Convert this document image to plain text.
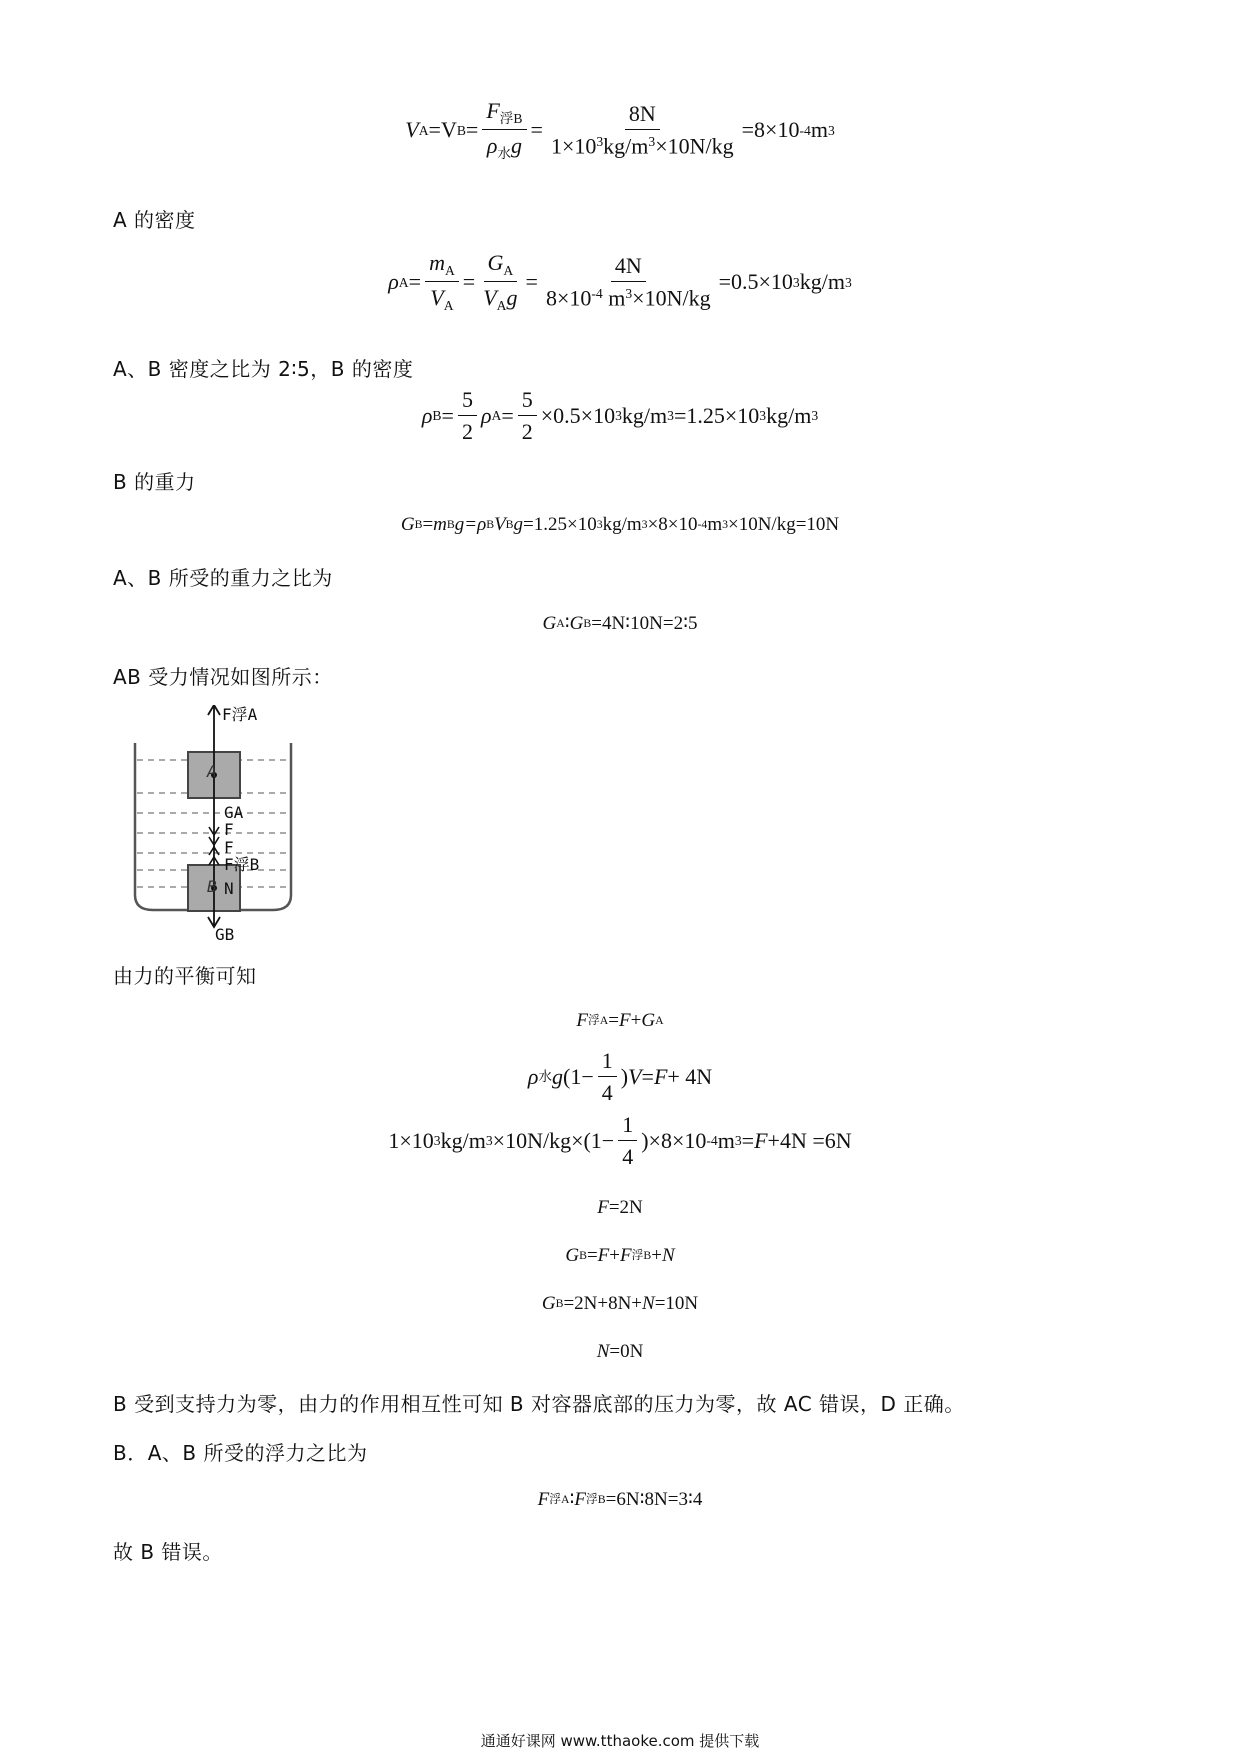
V A =V $B = \frac{F_{浮B}}{\rho_水g} = \frac{8N}{1\times 10^3kg/m^3\times 10N/kg} =8\times 10$ -4 m 3
A 的密度
ρ $A = \frac{m_A}{V_A} = \frac{G_A}{V_Ag} = \frac{4N}{8\times 10^{-4} m^3\times 10N/kg} =0.5\times 10$ 3 kg/m 3
A、B 密度之比为 2∶5，B 的密度
ρ $B = \frac{5}{2}$ ρ $A = \frac{5}{2} \times 0.5\times 10$ 3 kg/m 3 =1.25×10 3 kg/m 3
B 的重力
G B = m B g= ρ B V B g =1.25×10 3 kg/m 3 ×8×10 -4 m 3 ×10N/kg=10N
A、B 所受的重力之比为
G A ∶ G B =4N∶10N=2∶5
AB 受力情况如图所示：
F浮A
A
GA
F
F
F浮B
B N
GB
由力的平衡可知
F 浮A = F + G A
ρ 水 g ($1- \frac{1}{4}$ ) V = F + 4N
1×10 3 kg/m $3 \times 10N/kg\times(1- \frac{1}{4} )\times 8\times 10$ -4 m 3 = F +4N =6N
F =2N
G B = F + F 浮B + N
G B =2N+8N+ N =10N
N =0N
B 受到支持力为零，由力的作用相互性可知 B 对容器底部的压力为零，故 AC 错误，D 正确。
B．A、B 所受的浮力之比为
F 浮A ∶ F 浮B =6N∶8N=3∶4
故 B 错误。
通通好课网 www.tthaoke.com 提供下载
